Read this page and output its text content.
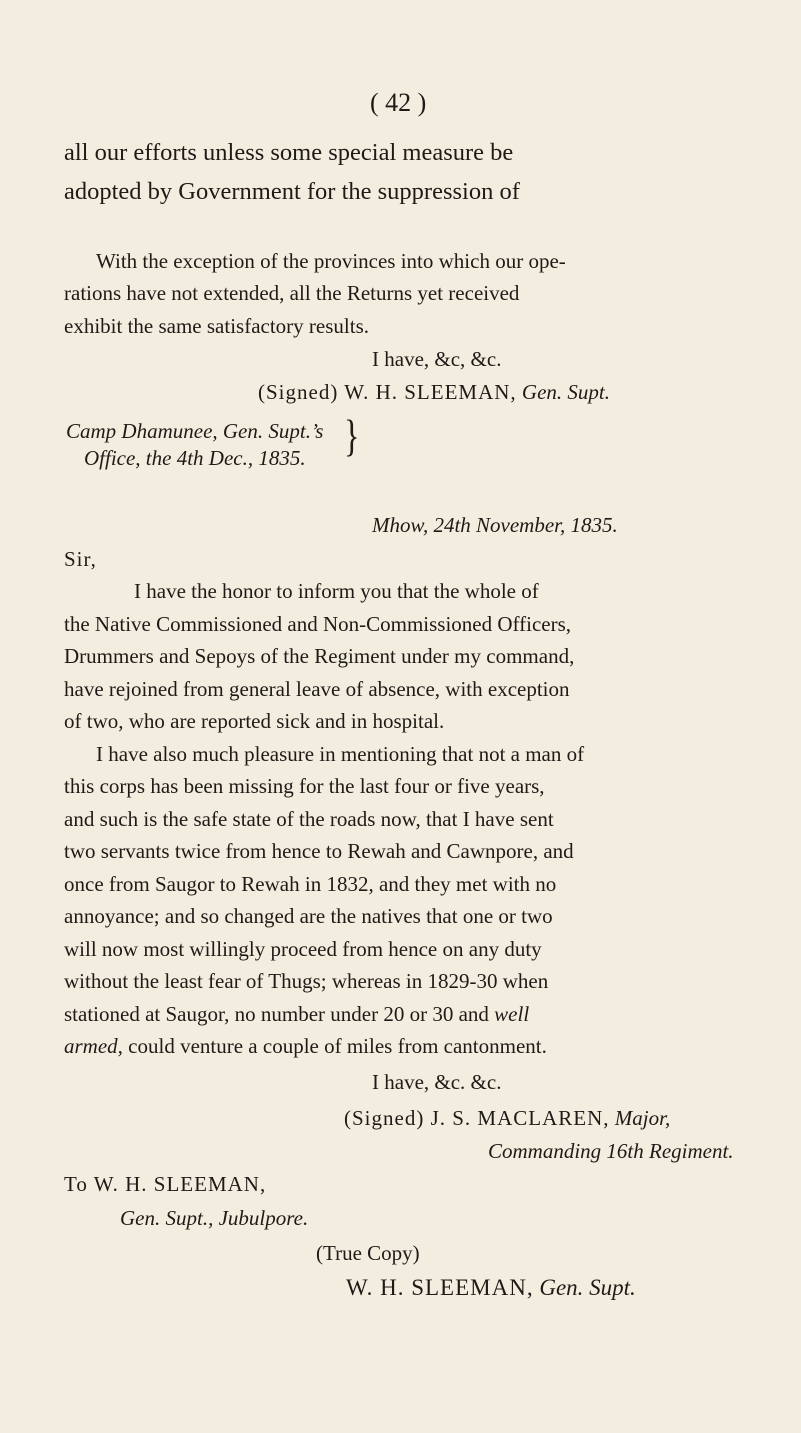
( 42 )
all our efforts unless some special measure be
adopted by Government for the suppression of
With the exception of the provinces into which our ope-
rations have not extended, all the Returns yet received
exhibit the same satisfactory results.
I have, &c, &c.
(Signed) W. H. SLEEMAN, Gen. Supt.
Camp Dhamunee, Gen. Supt.’s
Office, the 4th Dec., 1835. }
Mhow, 24th November, 1835.
Sir,
I have the honor to inform you that the whole of
the Native Commissioned and Non-Commissioned Officers,
Drummers and Sepoys of the Regiment under my command,
have rejoined from general leave of absence, with exception
of two, who are reported sick and in hospital.
I have also much pleasure in mentioning that not a man of
this corps has been missing for the last four or five years,
and such is the safe state of the roads now, that I have sent
two servants twice from hence to Rewah and Cawnpore, and
once from Saugor to Rewah in 1832, and they met with no
annoyance; and so changed are the natives that one or two
will now most willingly proceed from hence on any duty
without the least fear of Thugs; whereas in 1829-30 when
stationed at Saugor, no number under 20 or 30 and well
armed, could venture a couple of miles from cantonment.
I have, &c. &c.
(Signed) J. S. MACLAREN, Major,
Commanding 16th Regiment.
To W. H. SLEEMAN,
Gen. Supt., Jubulpore.
(True Copy)
W. H. SLEEMAN, Gen. Supt.
